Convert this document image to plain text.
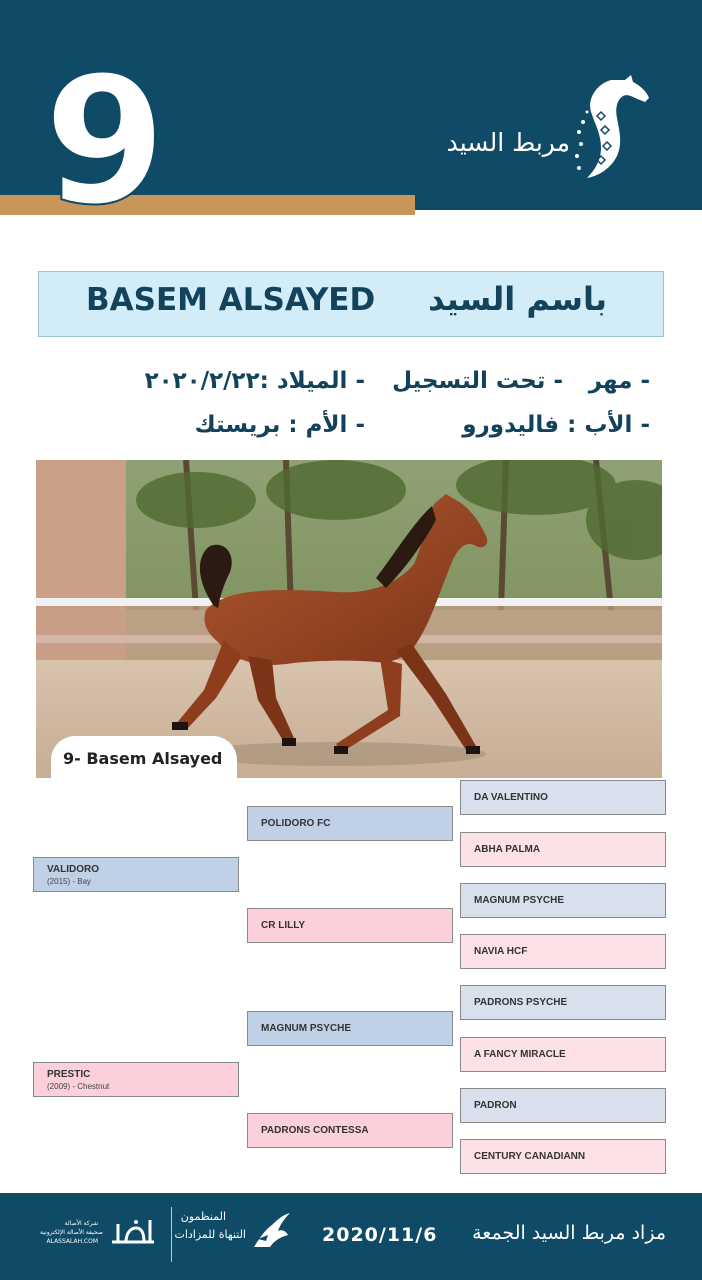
9	مربط السيد
BASEM ALSAYED	باسم السيد
- مهر
- تحت التسجيل
- الميلاد :٢٠٢٠/٢/٢٢
- الأب : فاليدورو
- الأم : بريستك
9- Basem Alsayed
VALIDORO
(2015) - Bay
PRESTIC
(2009) - Chestnut
POLIDORO FC
CR LILLY
MAGNUM PSYCHE
PADRONS CONTESSA
DA VALENTINO
ABHA PALMA
MAGNUM PSYCHE
NAVIA HCF
PADRONS PSYCHE
A FANCY MIRACLE
PADRON
CENTURY CANADIANN
مزاد مربط السيد الجمعة
2020/11/6
المنظمون
التنهاة للمزادات
شركة الأصالة
صحيفة الأصالة الإلكترونية
ALASSALAH.COM
